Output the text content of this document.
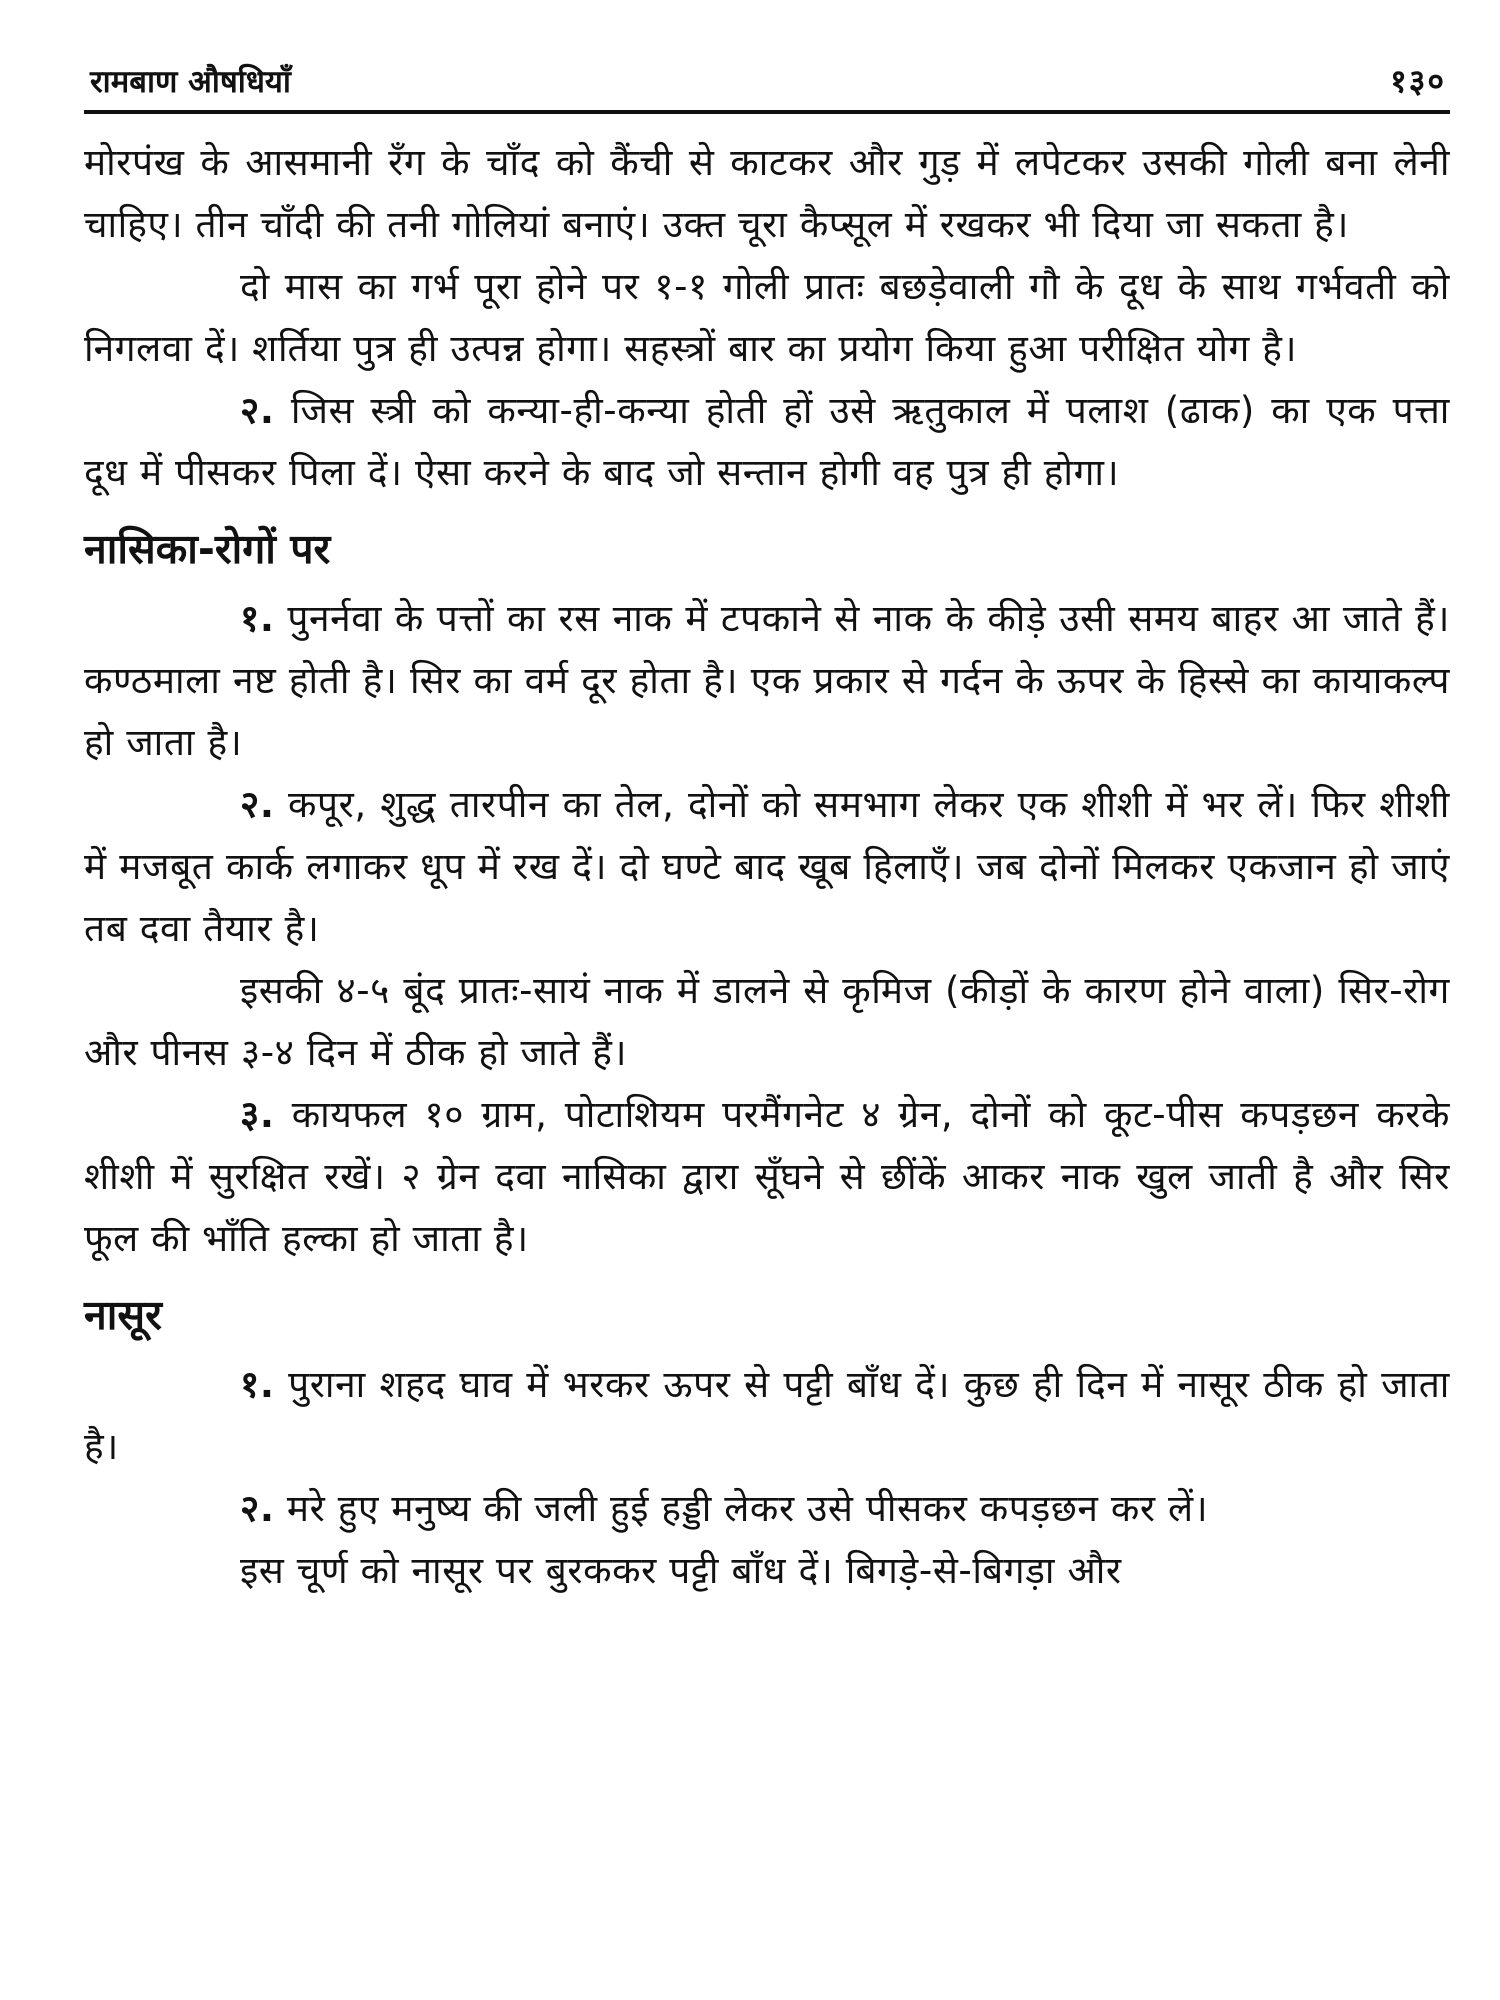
रामबाण औषधियाँ	१३०

मोरपंख के आसमानी रँग के चाँद को कैंची से काटकर और गुड़ में लपेटकर उसकी गोली बना लेनी चाहिए। तीन चाँदी की तनी गोलियां बनाएं। उक्त चूरा कैप्सूल में रखकर भी दिया जा सकता है।

दो मास का गर्भ पूरा होने पर १-१ गोली प्रातः बछड़ेवाली गौ के दूध के साथ गर्भवती को निगलवा दें। शर्तिया पुत्र ही उत्पन्न होगा। सहस्त्रों बार का प्रयोग किया हुआ परीक्षित योग है।

२. जिस स्त्री को कन्या-ही-कन्या होती हों उसे ऋतुकाल में पलाश (ढाक) का एक पत्ता दूध में पीसकर पिला दें। ऐसा करने के बाद जो सन्तान होगी वह पुत्र ही होगा।

नासिका-रोगों पर

१. पुनर्नवा के पत्तों का रस नाक में टपकाने से नाक के कीड़े उसी समय बाहर आ जाते हैं। कण्ठमाला नष्ट होती है। सिर का वर्म दूर होता है। एक प्रकार से गर्दन के ऊपर के हिस्से का कायाकल्प हो जाता है।

२. कपूर, शुद्ध तारपीन का तेल, दोनों को समभाग लेकर एक शीशी में भर लें। फिर शीशी में मजबूत कार्क लगाकर धूप में रख दें। दो घण्टे बाद खूब हिलाएँ। जब दोनों मिलकर एकजान हो जाएं तब दवा तैयार है।

इसकी ४-५ बूंद प्रातः-सायं नाक में डालने से कृमिज (कीड़ों के कारण होने वाला) सिर-रोग और पीनस ३-४ दिन में ठीक हो जाते हैं।

३. कायफल १० ग्राम, पोटाशियम परमैंगनेट ४ ग्रेन, दोनों को कूट-पीस कपड़छन करके शीशी में सुरक्षित रखें। २ ग्रेन दवा नासिका द्वारा सूँघने से छींकें आकर नाक खुल जाती है और सिर फूल की भाँति हल्का हो जाता है।

नासूर

१. पुराना शहद घाव में भरकर ऊपर से पट्टी बाँध दें। कुछ ही दिन में नासूर ठीक हो जाता है।

२. मरे हुए मनुष्य की जली हुई हड्डी लेकर उसे पीसकर कपड़छन कर लें।

इस चूर्ण को नासूर पर बुरककर पट्टी बाँध दें। बिगड़े-से-बिगड़ा और
